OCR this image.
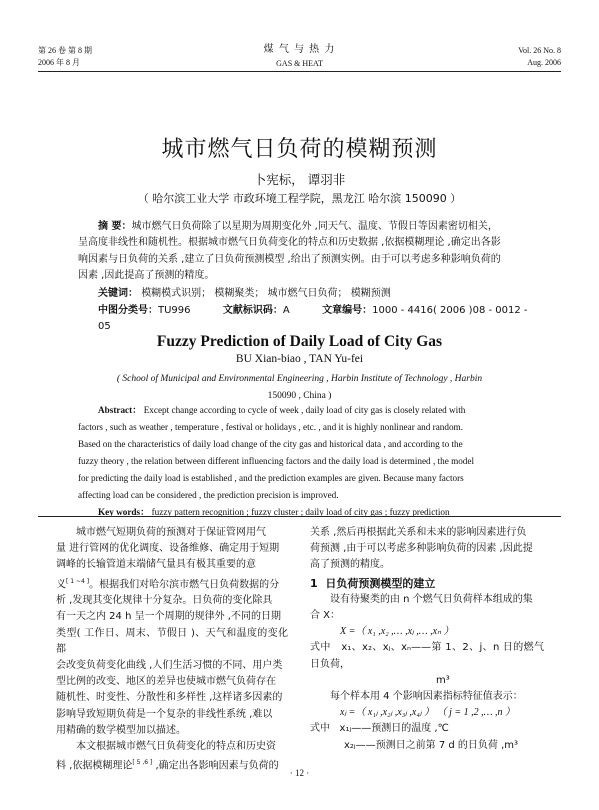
第 26 卷 第 8 期
2006 年 8 月
煤 气 与 热 力
GAS & HEAT
Vol. 26 No. 8
Aug. 2006
城市燃气日负荷的模糊预测
卜宪标， 谭羽非
（ 哈尔滨工业大学 市政环境工程学院，黑龙江 哈尔滨 150090 ）
摘 要：城市燃气日负荷除了以星期为周期变化外 ,同天气、温度、节假日等因素密切相关，
呈高度非线性和随机性。根据城市燃气日负荷变化的特点和历史数据 ,依据模糊理论 ,确定出各影
响因素与日负荷的关系 ,建立了日负荷预测模型 ,给出了预测实例。由于可以考虑多种影响负荷的
因素 ,因此提高了预测的精度。
关键词： 模糊模式识别； 模糊聚类； 城市燃气日负荷； 模糊预测
中图分类号：TU996	文献标识码：A	文章编号：1000 - 4416( 2006 )08 - 0012 - 05
Fuzzy Prediction of Daily Load of City Gas
BU Xian-biao , TAN Yu-fei
( School of Municipal and Environmental Engineering , Harbin Institute of Technology , Harbin
150090 , China )
Abstract： Except change according to cycle of week , daily load of city gas is closely related with
factors , such as weather , temperature , festival or holidays , etc. , and it is highly nonlinear and random.
Based on the characteristics of daily load change of the city gas and historical data , and according to the
fuzzy theory , the relation between different influencing factors and the daily load is determined , the model
for predicting the daily load is established , and the prediction examples are given. Because many factors
affecting load can be considered , the prediction precision is improved.
Key words： fuzzy pattern recognition ; fuzzy cluster ; daily load of city gas ; fuzzy prediction
城市燃气短期负荷的预测对于保证管网用气
量 进行管网的优化调度、设备维修、确定用于短期
调峰的长输管道末端储气量具有极其重要的意
义[ 1 ~4 ]。根据我们对哈尔滨市燃气日负荷数据的分
析 ,发现其变化规律十分复杂。日负荷的变化除具
有一天之内 24 h 呈一个周期的规律外 ,不同的日期
类型( 工作日、周末、节假日 )、天气和温度的变化都
会改变负荷变化曲线 ,人们生活习惯的不同、用户类
型比例的改变、地区的差异也使城市燃气负荷存在
随机性、时变性、分散性和多样性 ,这样诸多因素的
影响导致短期负荷是一个复杂的非线性系统 ,难以
用精确的数学模型加以描述。
本文根据城市燃气日负荷变化的特点和历史资
料 ,依据模糊理论[ 5 ,6 ] ,确定出各影响因素与负荷的
关系 ,然后再根据此关系和未来的影响因素进行负
荷预测 ,由于可以考虑多种影响负荷的因素 ,因此提
高了预测的精度。
1 日负荷预测模型的建立
设有待聚类的由 n 个燃气日负荷样本组成的集
合 X：
X =（ x₁ ,x₂ ,… ,xⱼ ,… ,xₙ ）
式中 x₁、x₂、xⱼ、xₙ——第 1、2、j、n 日的燃气日负荷，
m³
每个样本用 4 个影响因素指标特征值表示：
xⱼ =（ x₁ⱼ ,x₂ⱼ ,x₃ⱼ ,x₄ⱼ ） （ j = 1 ,2 ,… ,n ）
式中 x₁ⱼ——预测日的温度 ,℃
x₂ⱼ——预测日之前第 7 d 的日负荷 ,m³
· 12 ·
